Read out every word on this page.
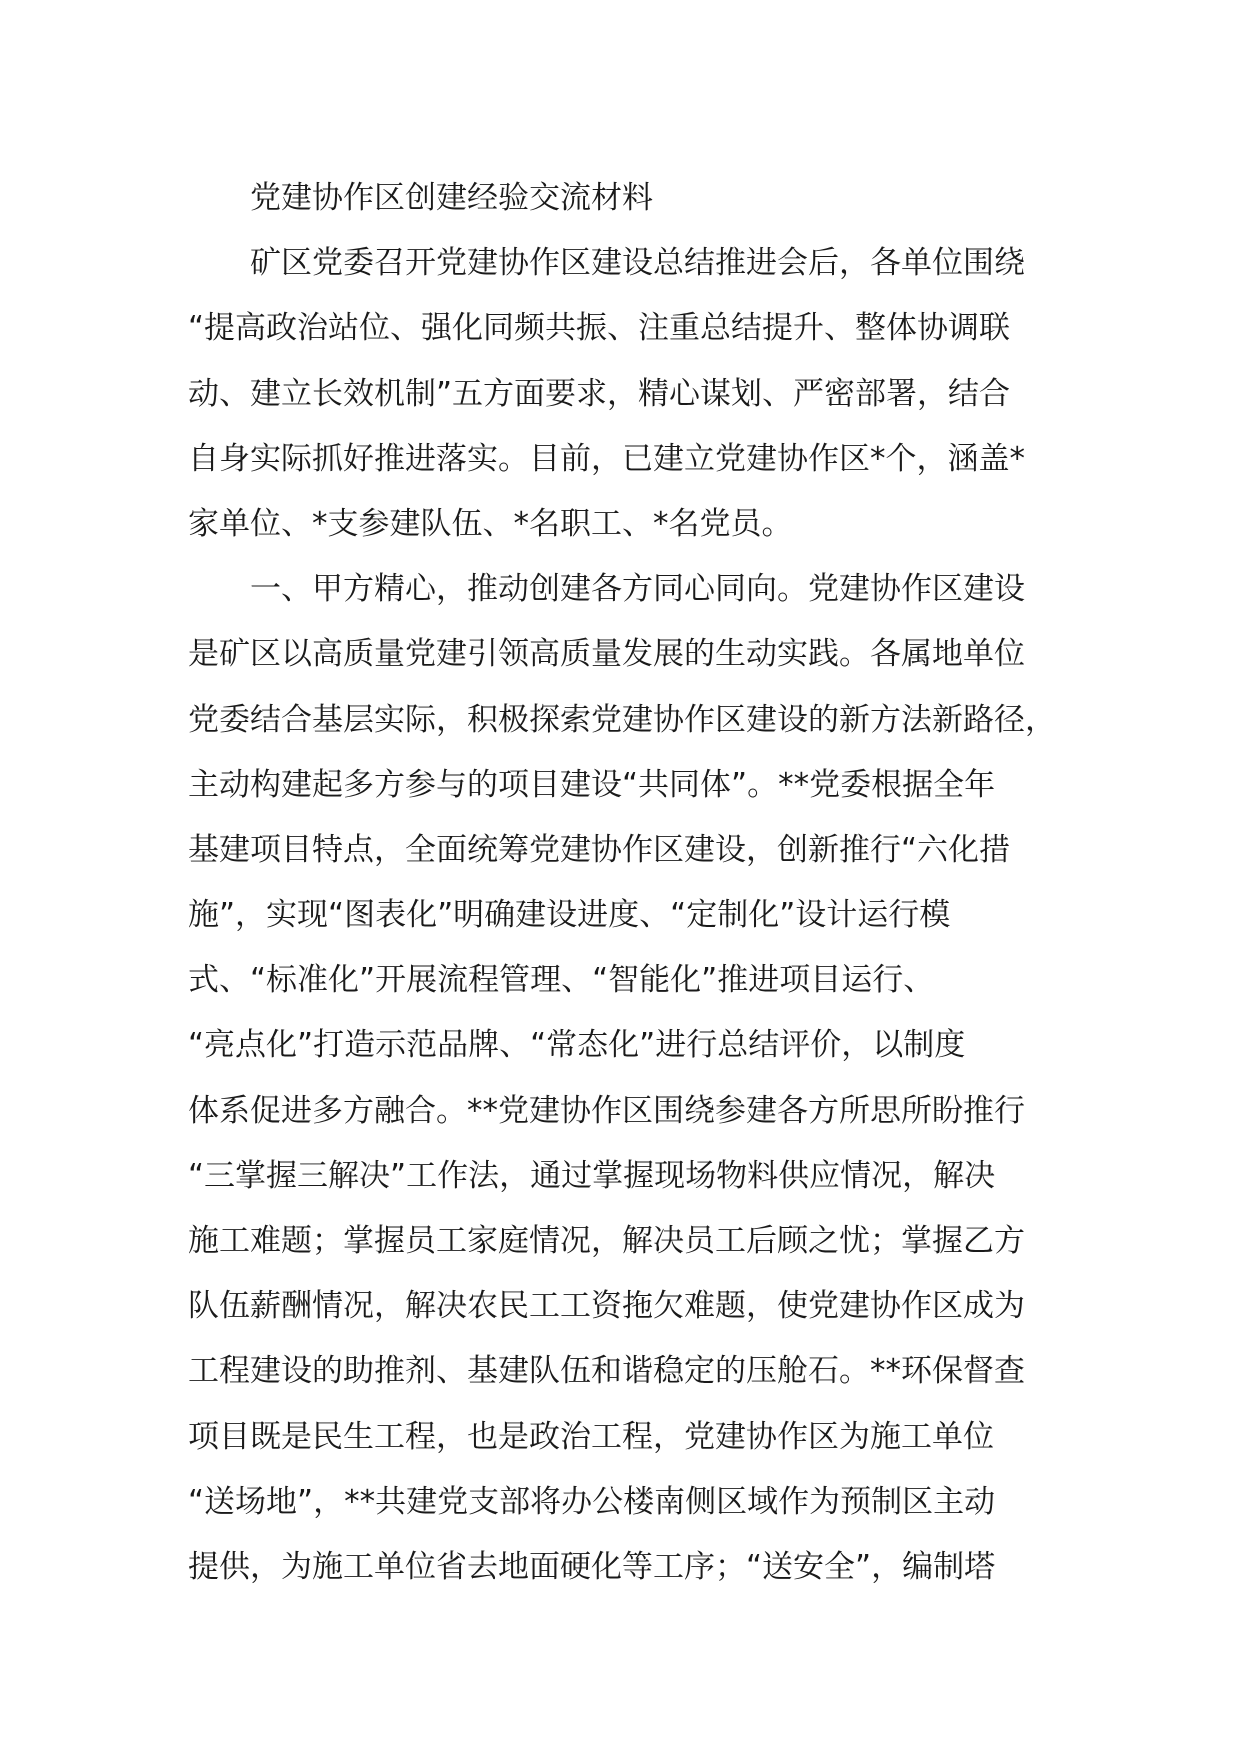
党建协作区创建经验交流材料
矿区党委召开党建协作区建设总结推进会后，各单位围绕
“提高政治站位、强化同频共振、注重总结提升、整体协调联
动、建立长效机制”五方面要求，精心谋划、严密部署，结合
自身实际抓好推进落实。目前，已建立党建协作区*个，涵盖*
家单位、*支参建队伍、*名职工、*名党员。
一、甲方精心，推动创建各方同心同向。党建协作区建设
是矿区以高质量党建引领高质量发展的生动实践。各属地单位
党委结合基层实际，积极探索党建协作区建设的新方法新路径，
主动构建起多方参与的项目建设“共同体”。**党委根据全年
基建项目特点，全面统筹党建协作区建设，创新推行“六化措
施”，实现“图表化”明确建设进度、“定制化”设计运行模
式、“标准化”开展流程管理、“智能化”推进项目运行、
“亮点化”打造示范品牌、“常态化”进行总结评价，以制度
体系促进多方融合。**党建协作区围绕参建各方所思所盼推行
“三掌握三解决”工作法，通过掌握现场物料供应情况，解决
施工难题；掌握员工家庭情况，解决员工后顾之忧；掌握乙方
队伍薪酬情况，解决农民工工资拖欠难题，使党建协作区成为
工程建设的助推剂、基建队伍和谐稳定的压舱石。**环保督查
项目既是民生工程，也是政治工程，党建协作区为施工单位
“送场地”，**共建党支部将办公楼南侧区域作为预制区主动
提供，为施工单位省去地面硬化等工序；“送安全”，编制塔
